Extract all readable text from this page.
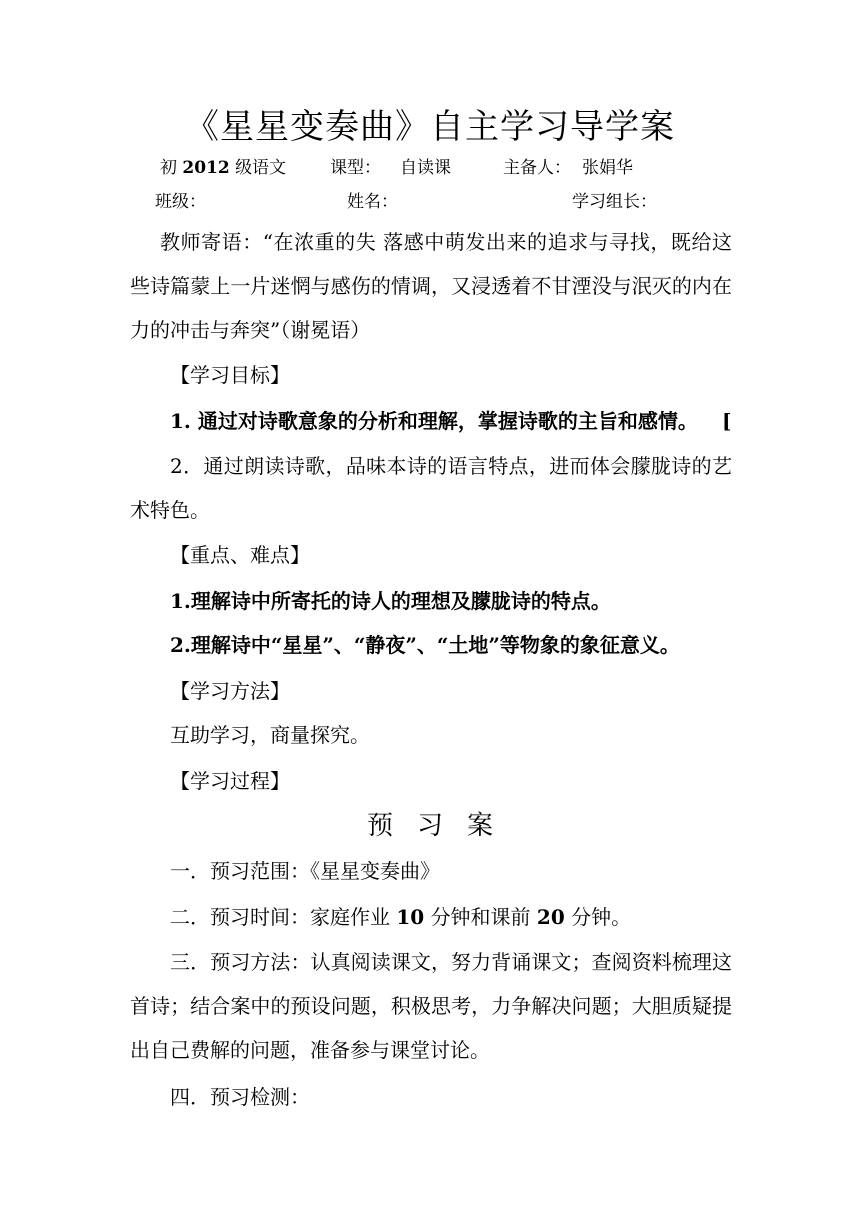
《星星变奏曲》自主学习导学案
初 2012 级 语文	课型： 自读课	主备人： 张娟华
班级：	姓名：	学习组长：
教师寄语：“在浓重的失 落感中萌发出来的追求与寻找，既给这些诗篇蒙上一片迷惘与感伤的情调，又浸透着不甘湮没与泯灭的内在力的冲击与奔突”（谢冕语）
【学习目标】
1. 通过对诗歌意象的分析和理解，掌握诗歌的主旨和感情。 [
2．通过朗读诗歌，品味本诗的语言特点，进而体会朦胧诗的艺术特色。
【重点、难点】
1.理解诗中所寄托的诗人的理想及朦胧诗的特点。
2.理解诗中“星星”、“静夜”、“土地”等物象的象征意义。
【学习方法】
互助学习，商量探究。
【学习过程】
预习案
一．预习范围：《星星变奏曲》
二．预习时间：家庭作业 10 分钟和课前 20 分钟。
三．预习方法：认真阅读课文，努力背诵课文；查阅资料梳理这首诗；结合案中的预设问题，积极思考，力争解决问题；大胆质疑提出自己费解的问题，准备参与课堂讨论。
四．预习检测：
